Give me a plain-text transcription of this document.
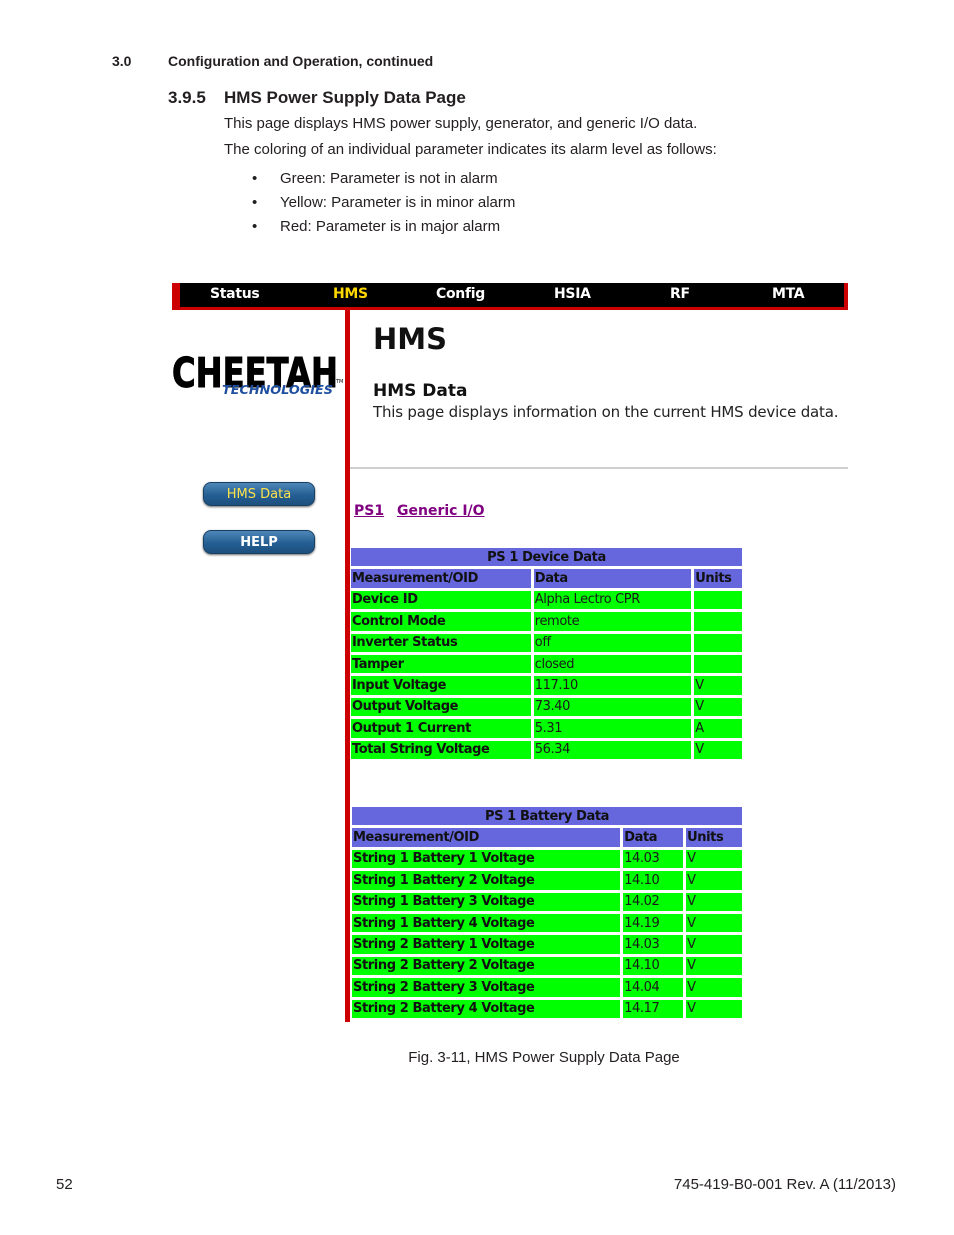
3.0	Configuration and Operation, continued
3.9.5 HMS Power Supply Data Page
This page displays HMS power supply, generator, and generic I/O data.
The coloring of an individual parameter indicates its alarm level as follows:
• Green: Parameter is not in alarm
• Yellow: Parameter is in minor alarm
• Red: Parameter is in major alarm
Status	HMS	Config	HSIA	RF	MTA
CHEETAH
TECHNOLOGIES
TM
HMS Data
HELP
HMS
HMS Data
This page displays information on the current HMS device data.
PS1 Generic I/O
PS 1 Device Data		
Measurement/OID	Data	Units
Device ID	Alpha Lectro CPR	
Control Mode	remote	
Inverter Status	off	
Tamper	closed	
Input Voltage	117.10	V
Output Voltage	73.40	V
Output 1 Current	5.31	A
Total String Voltage	56.34	V
PS 1 Battery Data		
Measurement/OID	Data	Units
String 1 Battery 1 Voltage	14.03	V
String 1 Battery 2 Voltage	14.10	V
String 1 Battery 3 Voltage	14.02	V
String 1 Battery 4 Voltage	14.19	V
String 2 Battery 1 Voltage	14.03	V
String 2 Battery 2 Voltage	14.10	V
String 2 Battery 3 Voltage	14.04	V
String 2 Battery 4 Voltage	14.17	V
Fig. 3-11, HMS Power Supply Data Page
52	745-419-B0-001 Rev. A (11/2013)
